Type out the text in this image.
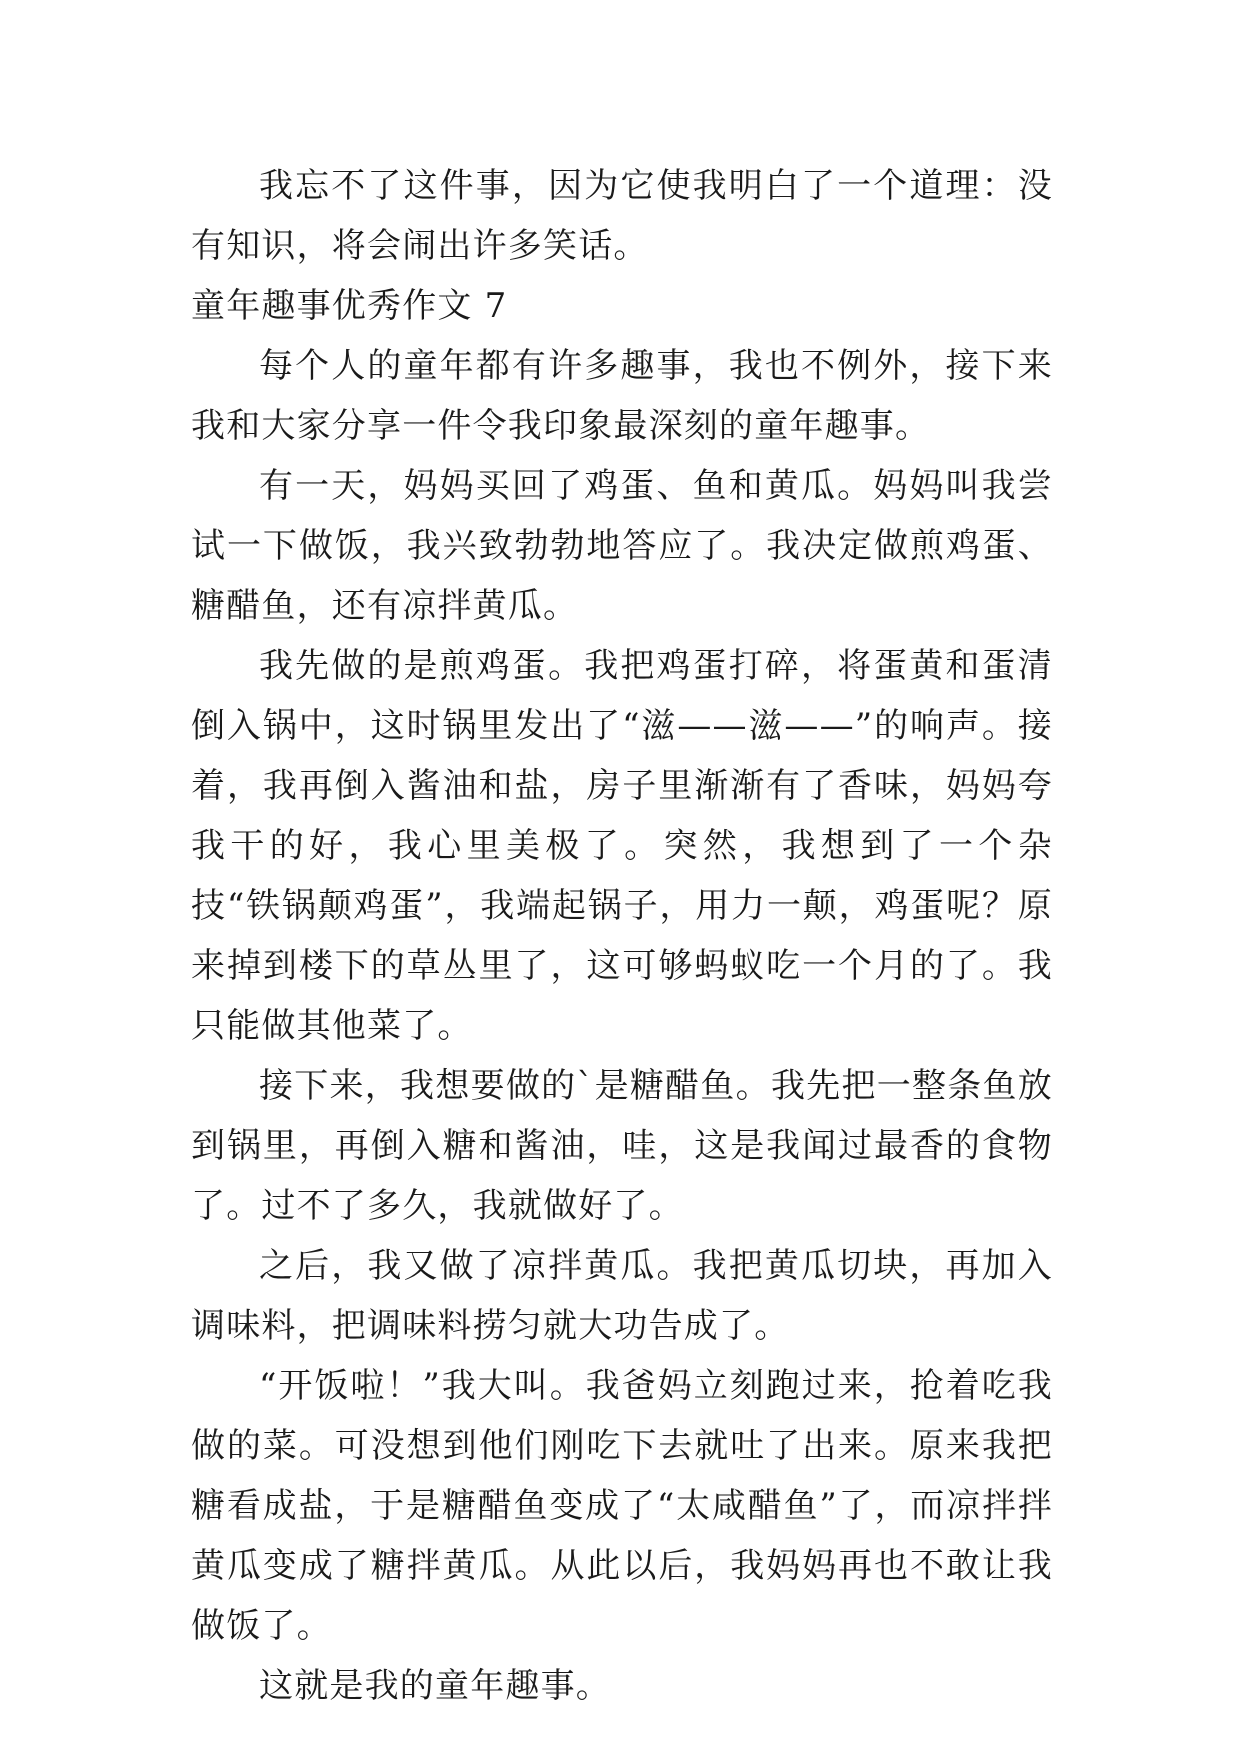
我忘不了这件事，因为它使我明白了一个道理：没有知识，将会闹出许多笑话。

童年趣事优秀作文 7

每个人的童年都有许多趣事，我也不例外，接下来我和大家分享一件令我印象最深刻的童年趣事。

有一天，妈妈买回了鸡蛋、鱼和黄瓜。妈妈叫我尝试一下做饭，我兴致勃勃地答应了。我决定做煎鸡蛋、糖醋鱼，还有凉拌黄瓜。

我先做的是煎鸡蛋。我把鸡蛋打碎，将蛋黄和蛋清倒入锅中，这时锅里发出了“滋——滋——”的响声。接着，我再倒入酱油和盐，房子里渐渐有了香味，妈妈夸我干的好，我心里美极了。突然，我想到了一个杂技“铁锅颠鸡蛋”，我端起锅子，用力一颠，鸡蛋呢？原来掉到楼下的草丛里了，这可够蚂蚁吃一个月的了。我只能做其他菜了。

接下来，我想要做的`是糖醋鱼。我先把一整条鱼放到锅里，再倒入糖和酱油，哇，这是我闻过最香的食物了。过不了多久，我就做好了。

之后，我又做了凉拌黄瓜。我把黄瓜切块，再加入调味料，把调味料捞匀就大功告成了。

“开饭啦！”我大叫。我爸妈立刻跑过来，抢着吃我做的菜。可没想到他们刚吃下去就吐了出来。原来我把糖看成盐，于是糖醋鱼变成了“太咸醋鱼”了，而凉拌拌黄瓜变成了糖拌黄瓜。从此以后，我妈妈再也不敢让我做饭了。

这就是我的童年趣事。
